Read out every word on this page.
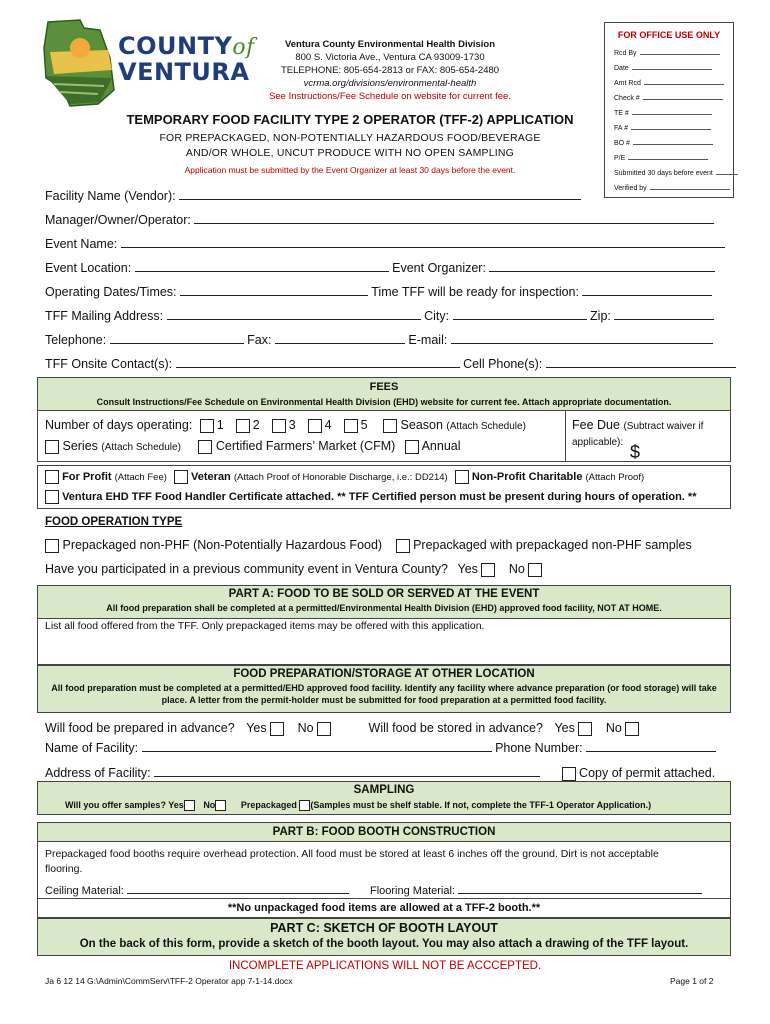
COUNTYof
VENTURA
Ventura County Environmental Health Division
800 S. Victoria Ave., Ventura CA 93009-1730
TELEPHONE: 805-654-2813 or FAX: 805-654-2480
vcrma.org/divisions/environmental-health
See Instructions/Fee Schedule on website for current fee.
FOR OFFICE USE ONLY
Rcd By
Date
Amt Rcd
Check #
TE #
FA #
BO #
P/E
Submitted 30 days before event
Verified by
TEMPORARY FOOD FACILITY TYPE 2 OPERATOR (TFF-2) APPLICATION
FOR PREPACKAGED, NON-POTENTIALLY HAZARDOUS FOOD/BEVERAGE
AND/OR WHOLE, UNCUT PRODUCE WITH NO OPEN SAMPLING
Application must be submitted by the Event Organizer at least 30 days before the event.
Facility Name (Vendor):
Manager/Owner/Operator:
Event Name:
Event Location:	Event Organizer:
Operating Dates/Times:	Time TFF will be ready for inspection:
TFF Mailing Address:	City:	Zip:
Telephone:	Fax:	E-mail:
TFF Onsite Contact(s):	Cell Phone(s):
FEES
Consult Instructions/Fee Schedule on Environmental Health Division (EHD) website for current fee. Attach appropriate documentation.
Number of days operating: 1 2 3 4 5	Season (Attach Schedule)
Series (Attach Schedule)	Certified Farmers’ Market (CFM) Annual
Fee Due (Subtract waiver if applicable): $
For Profit (Attach Fee) Veteran (Attach Proof of Honorable Discharge, i.e.: DD214) Non-Profit Charitable (Attach Proof)
Ventura EHD TFF Food Handler Certificate attached. ** TFF Certified person must be present during hours of operation. **
FOOD OPERATION TYPE
Prepackaged non-PHF (Non-Potentially Hazardous Food) Prepackaged with prepackaged non-PHF samples
Have you participated in a previous community event in Ventura County? Yes No
PART A: FOOD TO BE SOLD OR SERVED AT THE EVENT
All food preparation shall be completed at a permitted/Environmental Health Division (EHD) approved food facility, NOT AT HOME.
List all food offered from the TFF. Only prepackaged items may be offered with this application.
FOOD PREPARATION/STORAGE AT OTHER LOCATION
All food preparation must be completed at a permitted/EHD approved food facility. Identify any facility where advance preparation (or food storage) will take place. A letter from the permit-holder must be submitted for food preparation at a permitted food facility.
Will food be prepared in advance? Yes No	Will food be stored in advance? Yes No
Name of Facility:	Phone Number:
Address of Facility:	Copy of permit attached.
SAMPLING
Will you offer samples? Yes No	Prepackaged (Samples must be shelf stable. If not, complete the TFF-1 Operator Application.)
PART B: FOOD BOOTH CONSTRUCTION
Prepackaged food booths require overhead protection. All food must be stored at least 6 inches off the ground. Dirt is not acceptable flooring.
Ceiling Material:	Flooring Material:
**No unpackaged food items are allowed at a TFF-2 booth.**
PART C: SKETCH OF BOOTH LAYOUT
On the back of this form, provide a sketch of the booth layout. You may also attach a drawing of the TFF layout.
INCOMPLETE APPLICATIONS WILL NOT BE ACCCEPTED.
Ja 6 12 14 G:\Admin\CommServ\TFF-2 Operator app 7-1-14.docx	Page 1 of 2
